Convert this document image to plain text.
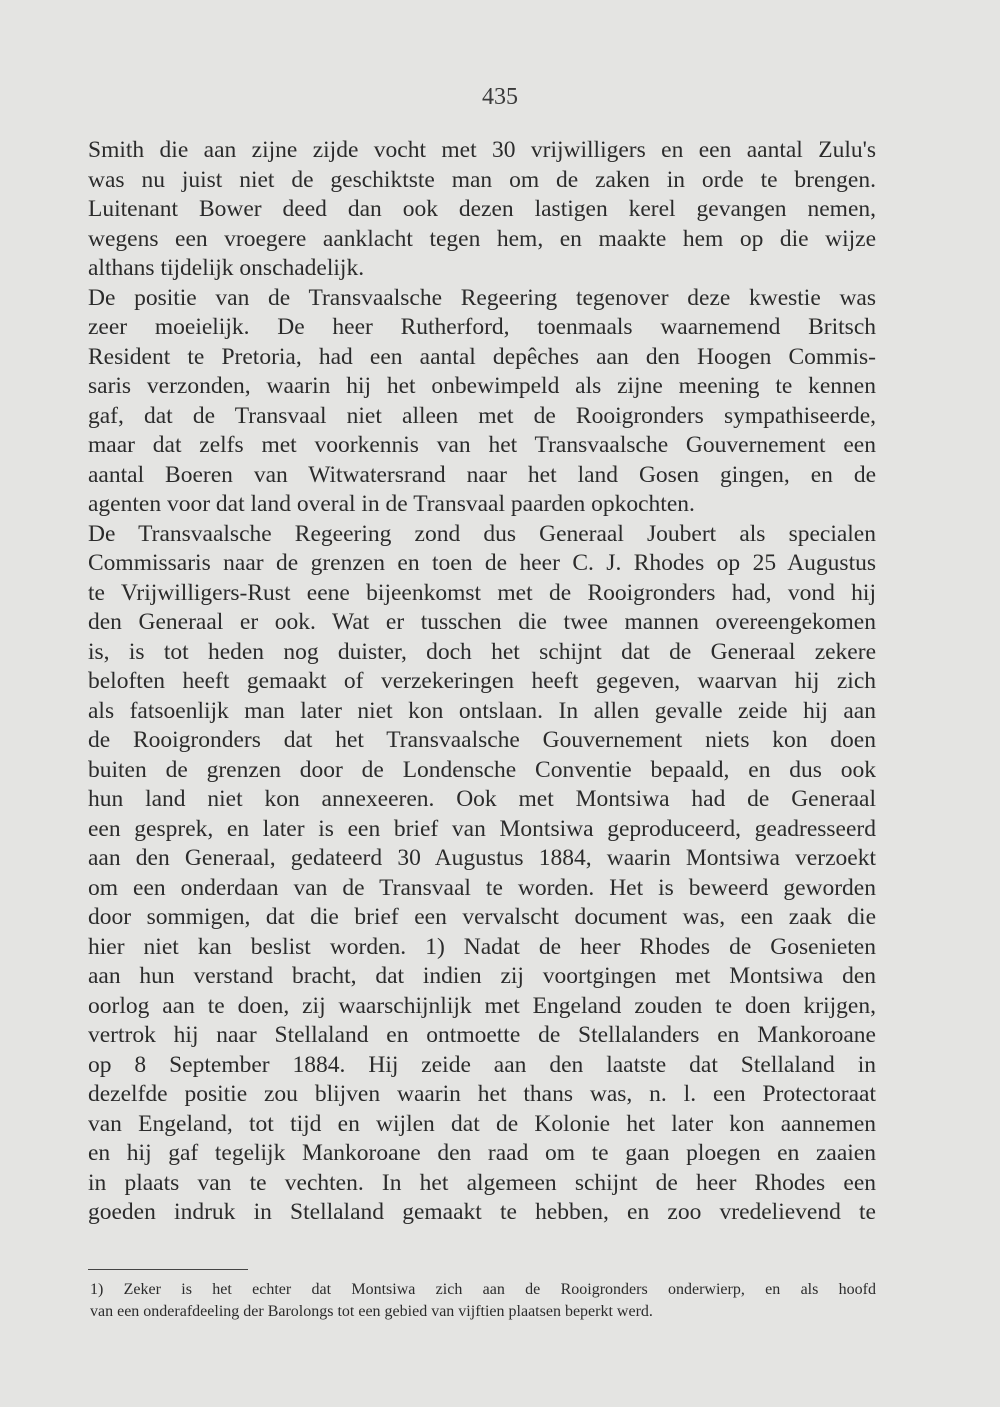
435
Smith die aan zijne zijde vocht met 30 vrijwilligers en een aantal Zulu's
was nu juist niet de geschiktste man om de zaken in orde te brengen.
Luitenant Bower deed dan ook dezen lastigen kerel gevangen nemen,
wegens een vroegere aanklacht tegen hem, en maakte hem op die wijze
althans tijdelijk onschadelijk.
De positie van de Transvaalsche Regeering tegenover deze kwestie was
zeer moeielijk. De heer Rutherford, toenmaals waarnemend Britsch
Resident te Pretoria, had een aantal depêches aan den Hoogen Commis-
saris verzonden, waarin hij het onbewimpeld als zijne meening te kennen
gaf, dat de Transvaal niet alleen met de Rooigronders sympathiseerde,
maar dat zelfs met voorkennis van het Transvaalsche Gouvernement een
aantal Boeren van Witwatersrand naar het land Gosen gingen, en de
agenten voor dat land overal in de Transvaal paarden opkochten.
De Transvaalsche Regeering zond dus Generaal Joubert als specialen
Commissaris naar de grenzen en toen de heer C. J. Rhodes op 25 Augustus
te Vrijwilligers-Rust eene bijeenkomst met de Rooigronders had, vond hij
den Generaal er ook. Wat er tusschen die twee mannen overeengekomen
is, is tot heden nog duister, doch het schijnt dat de Generaal zekere
beloften heeft gemaakt of verzekeringen heeft gegeven, waarvan hij zich
als fatsoenlijk man later niet kon ontslaan. In allen gevalle zeide hij aan
de Rooigronders dat het Transvaalsche Gouvernement niets kon doen
buiten de grenzen door de Londensche Conventie bepaald, en dus ook
hun land niet kon annexeeren. Ook met Montsiwa had de Generaal
een gesprek, en later is een brief van Montsiwa geproduceerd, geadresseerd
aan den Generaal, gedateerd 30 Augustus 1884, waarin Montsiwa verzoekt
om een onderdaan van de Transvaal te worden. Het is beweerd geworden
door sommigen, dat die brief een vervalscht document was, een zaak die
hier niet kan beslist worden. 1) Nadat de heer Rhodes de Gosenieten
aan hun verstand bracht, dat indien zij voortgingen met Montsiwa den
oorlog aan te doen, zij waarschijnlijk met Engeland zouden te doen krijgen,
vertrok hij naar Stellaland en ontmoette de Stellalanders en Mankoroane
op 8 September 1884. Hij zeide aan den laatste dat Stellaland in
dezelfde positie zou blijven waarin het thans was, n. l. een Protectoraat
van Engeland, tot tijd en wijlen dat de Kolonie het later kon aannemen
en hij gaf tegelijk Mankoroane den raad om te gaan ploegen en zaaien
in plaats van te vechten. In het algemeen schijnt de heer Rhodes een
goeden indruk in Stellaland gemaakt te hebben, en zoo vredelievend te
1) Zeker is het echter dat Montsiwa zich aan de Rooigronders onderwierp, en als hoofd
van een onderafdeeling der Barolongs tot een gebied van vijftien plaatsen beperkt werd.
